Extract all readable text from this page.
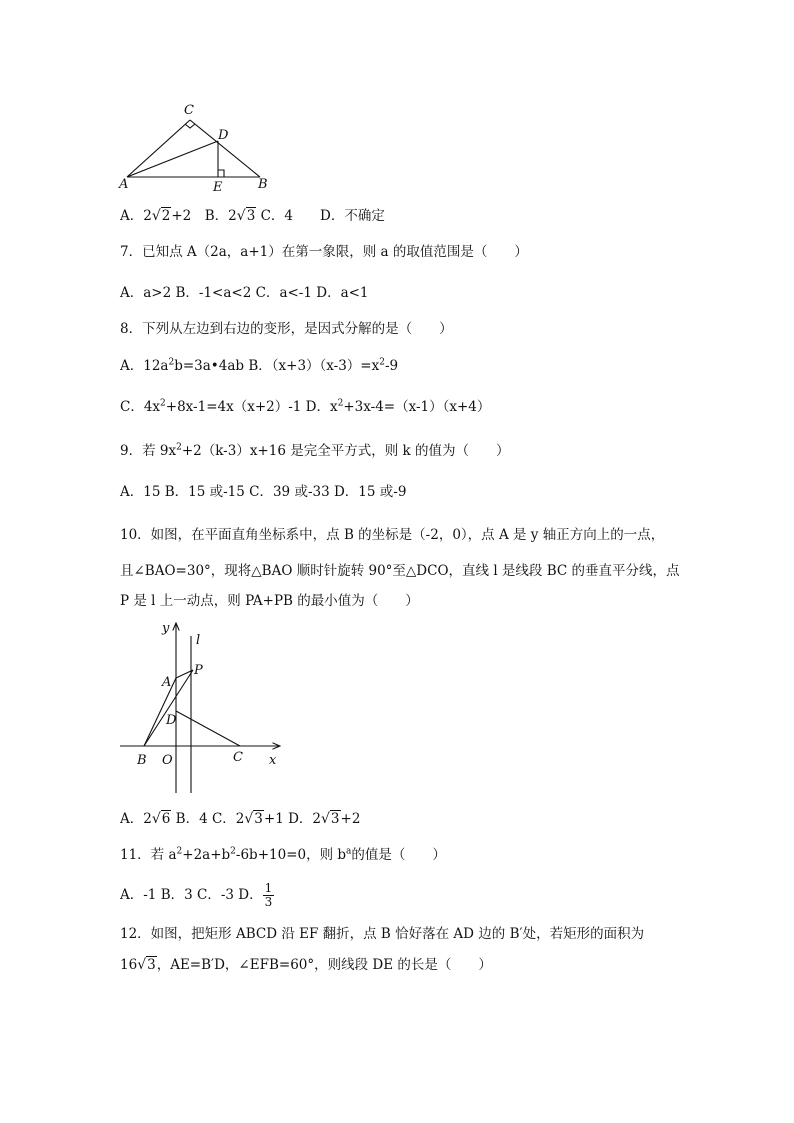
C
D
A	E	B
A．2√2+2　B．2√3 C．4　　D．不确定
7．已知点 A（2a，a+1）在第一象限，则 a 的取值范围是（　　）
A．a>2 B．-1<a<2 C．a<-1 D．a<1
8．下列从左边到右边的变形，是因式分解的是（　　）
A．$12a^2b=3a•4ab$ B．$(x+3)(x-3)=x^2-9$
C．$4x^2+8x-1=4x(x+2)-1$ D．$x^2+3x-4=(x-1)(x+4)$
9．若 $9x^2+2(k-3)x+16$ 是完全平方式，则 k 的值为（　　）
A．15 B．15 或-15 C．39 或-33 D．15 或-9
10．如图，在平面直角坐标系中，点 B 的坐标是（-2，0），点 A 是 y 轴正方向上的一点，
且∠BAO=30°，现将△BAO 顺时针旋转 90°至△DCO，直线 l 是线段 BC 的垂直平分线，点
P 是 l 上一动点，则 PA+PB 的最小值为（　　）
y
l
P
A
D
B O	C x
A．2√6 B．4 C．2√3+1 D．2√3+2
11．若 $a^2+2a+b^2-6b+10=0$，则 $b^a$的值是（　　）
A．-1 B．3 C．-3 D． $\frac{1}{3}$
12．如图，把矩形 ABCD 沿 EF 翻折，点 B 恰好落在 AD 边的 B′处，若矩形的面积为
16√3，AE=B′D，∠EFB=60°，则线段 DE 的长是（　　）
